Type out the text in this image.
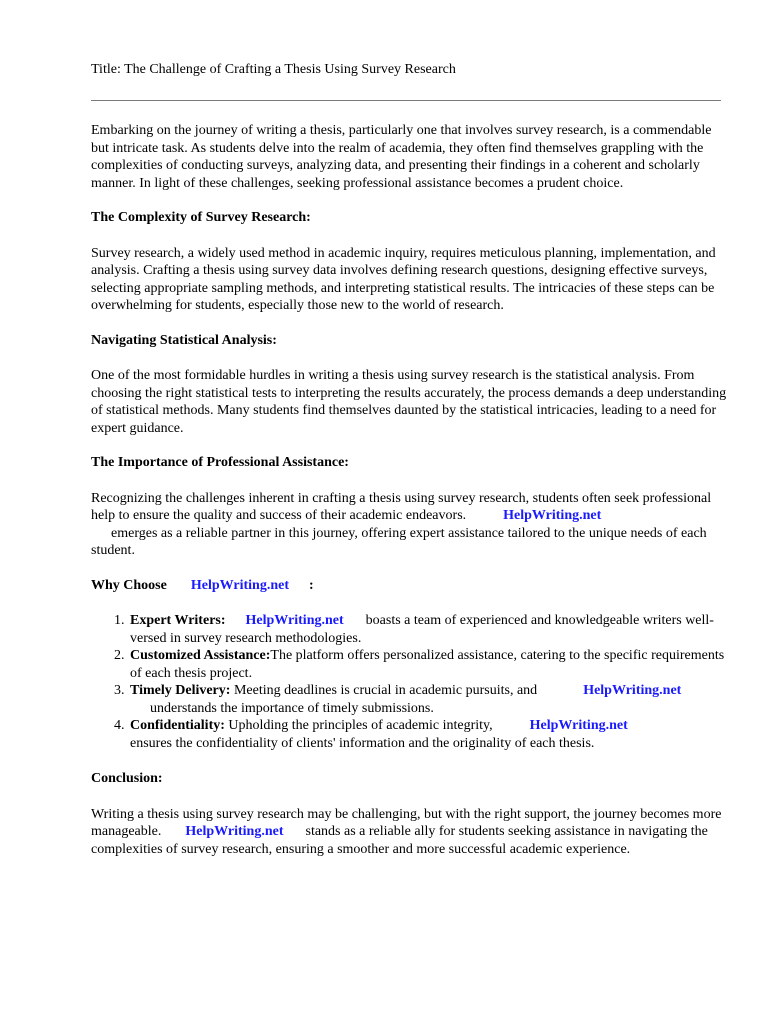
Title: The Challenge of Crafting a Thesis Using Survey Research

Embarking on the journey of writing a thesis, particularly one that involves survey research, is a commendable but intricate task. As students delve into the realm of academia, they often find themselves grappling with the complexities of conducting surveys, analyzing data, and presenting their findings in a coherent and scholarly manner. In light of these challenges, seeking professional assistance becomes a prudent choice.

The Complexity of Survey Research:

Survey research, a widely used method in academic inquiry, requires meticulous planning, implementation, and analysis. Crafting a thesis using survey data involves defining research questions, designing effective surveys, selecting appropriate sampling methods, and interpreting statistical results. The intricacies of these steps can be overwhelming for students, especially those new to the world of research.

Navigating Statistical Analysis:

One of the most formidable hurdles in writing a thesis using survey research is the statistical analysis. From choosing the right statistical tests to interpreting the results accurately, the process demands a deep understanding of statistical methods. Many students find themselves daunted by the statistical intricacies, leading to a need for expert guidance.

The Importance of Professional Assistance:

Recognizing the challenges inherent in crafting a thesis using survey research, students often seek professional help to ensure the quality and success of their academic endeavors.	HelpWriting.net
emerges as a reliable partner in this journey, offering expert assistance tailored to the unique needs of each student.

Why Choose HelpWriting.net :
1. Expert Writers: HelpWriting.net boasts a team of experienced and knowledgeable writers well-versed in survey research methodologies.
2. Customized Assistance:The platform offers personalized assistance, catering to the specific requirements of each thesis project.
3. Timely Delivery: Meeting deadlines is crucial in academic pursuits, and	HelpWriting.net
understands the importance of timely submissions.
4. Confidentiality: Upholding the principles of academic integrity,	HelpWriting.net
ensures the confidentiality of clients' information and the originality of each thesis.
Conclusion:

Writing a thesis using survey research may be challenging, but with the right support, the journey becomes more manageable. HelpWriting.net stands as a reliable ally for students seeking assistance in navigating the complexities of survey research, ensuring a smoother and more successful academic experience.
